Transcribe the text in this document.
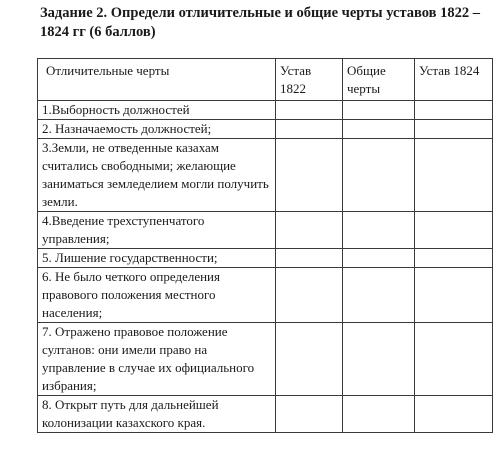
Задание 2. Определи отличительные и общие черты уставов 1822 – 1824 гг (6 баллов)
Отличительные черты	Устав 1822	Общие черты	Устав 1824
1.Выборность должностей			
2. Назначаемость должностей;			
3.Земли, не отведенные казахам считались свободными; желающие заниматься земледелием могли получить земли.			
4.Введение трехступенчатого управления;			
5. Лишение государственности;			
6. Не было четкого определения правового положения местного населения;			
7. Отражено правовое положение султанов: они имели право на управление в случае их официального избрания;			
8. Открыт путь для дальнейшей колонизации казахского края.			
